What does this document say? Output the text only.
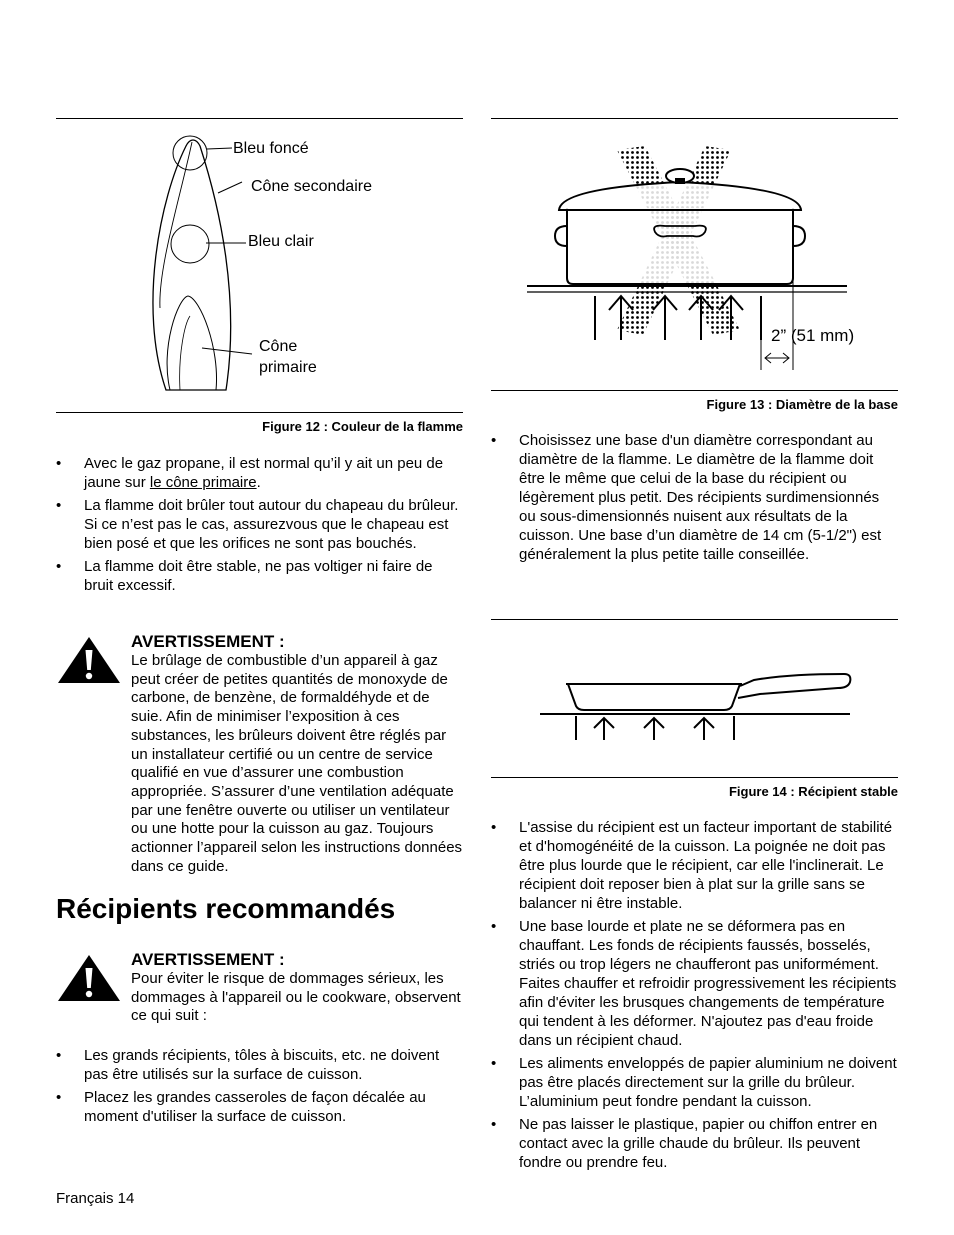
Bleu foncé
Cône secondaire
Bleu clair
Cône
primaire
Figure 12 : Couleur de la flamme
• Avec le gaz propane, il est normal qu’il y ait un peu de jaune sur le cône primaire.
• La flamme doit brûler tout autour du chapeau du brûleur. Si ce n’est pas le cas, assurezvous que le chapeau est bien posé et que les orifices ne sont pas bouchés.
• La flamme doit être stable, ne pas voltiger ni faire de bruit excessif.
AVERTISSEMENT :
Le brûlage de combustible d’un appareil à gaz peut créer de petites quantités de monoxyde de carbone, de benzène, de formaldéhyde et de suie. Afin de minimiser l’exposition à ces substances, les brûleurs doivent être réglés par un installateur certifié ou un centre de service qualifié en vue d’assurer une combustion appropriée. S’assurer d’une ventilation adéquate par une fenêtre ouverte ou utiliser un ventilateur ou une hotte pour la cuisson au gaz. Toujours actionner l’appareil selon les instructions données dans ce guide.
Récipients recommandés
AVERTISSEMENT :
Pour éviter le risque de dommages sérieux, les dommages à l'appareil ou le cookware, observent ce qui suit :
• Les grands récipients, tôles à biscuits, etc. ne doivent pas être utilisés sur la surface de cuisson.
• Placez les grandes casseroles de façon décalée au moment d'utiliser la surface de cuisson.
2” (51 mm)
Figure 13 : Diamètre de la base
• Choisissez une base d'un diamètre correspondant au diamètre de la flamme. Le diamètre de la flamme doit être le même que celui de la base du récipient ou légèrement plus petit. Des récipients surdimensionnés ou sous-dimensionnés nuisent aux résultats de la cuisson. Une base d’un diamètre de 14 cm (5-1/2") est généralement la plus petite taille conseillée.
Figure 14 : Récipient stable
• L'assise du récipient est un facteur important de stabilité et d'homogénéité de la cuisson. La poignée ne doit pas être plus lourde que le récipient, car elle l'inclinerait. Le récipient doit reposer bien à plat sur la grille sans se balancer ni être instable.
• Une base lourde et plate ne se déformera pas en chauffant. Les fonds de récipients faussés, bosselés, striés ou trop légers ne chaufferont pas uniformément. Faites chauffer et refroidir progressivement les récipients afin d'éviter les brusques changements de température qui tendent à les déformer. N'ajoutez pas d'eau froide dans un récipient chaud.
• Les aliments enveloppés de papier aluminium ne doivent pas être placés directement sur la grille du brûleur. L’aluminium peut fondre pendant la cuisson.
• Ne pas laisser le plastique, papier ou chiffon entrer en contact avec la grille chaude du brûleur. Ils peuvent fondre ou prendre feu.
Français 14
